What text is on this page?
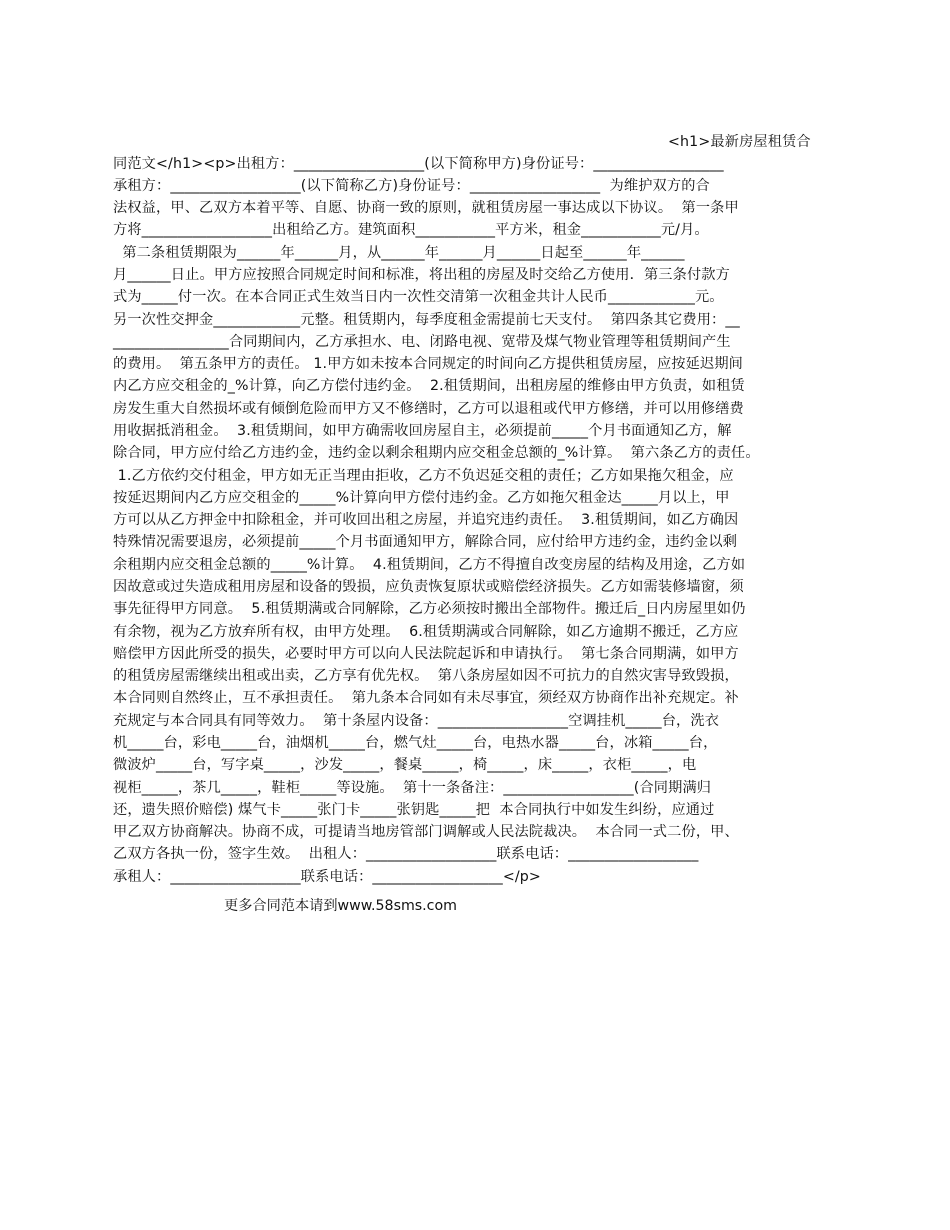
<h1>最新房屋租赁合
同范文</h1><p>出租方：__________________(以下简称甲方)身份证号：__________________
承租方：__________________(以下简称乙方)身份证号：__________________  为维护双方的合
法权益，甲、乙双方本着平等、自愿、协商一致的原则，就租赁房屋一事达成以下协议。  第一条甲
方将__________________出租给乙方。建筑面积___________平方米，租金___________元/月。
第二条租赁期限为______年______月，从______年______月______日起至______年______
月______日止。甲方应按照合同规定时间和标准，将出租的房屋及时交给乙方使用．第三条付款方
式为_____付一次。在本合同正式生效当日内一次性交清第一次租金共计人民币____________元。
另一次性交押金____________元整。租赁期内，每季度租金需提前七天支付。  第四条其它费用：__
________________合同期间内，乙方承担水、电、闭路电视、宽带及煤气物业管理等租赁期间产生
的费用。  第五条甲方的责任。 1.甲方如未按本合同规定的时间向乙方提供租赁房屋，应按延迟期间
内乙方应交租金的_%计算，向乙方偿付违约金。  2.租赁期间，出租房屋的维修由甲方负责，如租赁
房发生重大自然损坏或有倾倒危险而甲方又不修缮时，乙方可以退租或代甲方修缮，并可以用修缮费
用收据抵消租金。  3.租赁期间，如甲方确需收回房屋自主，必须提前_____个月书面通知乙方，解
除合同，甲方应付给乙方违约金，违约金以剩余租期内应交租金总额的_%计算。  第六条乙方的责任。
1.乙方依约交付租金，甲方如无正当理由拒收，乙方不负迟延交租的责任；乙方如果拖欠租金，应
按延迟期间内乙方应交租金的_____%计算向甲方偿付违约金。乙方如拖欠租金达_____月以上，甲
方可以从乙方押金中扣除租金，并可收回出租之房屋，并追究违约责任。  3.租赁期间，如乙方确因
特殊情况需要退房，必须提前_____个月书面通知甲方，解除合同，应付给甲方违约金，违约金以剩
余租期内应交租金总额的_____%计算。  4.租赁期间，乙方不得擅自改变房屋的结构及用途，乙方如
因故意或过失造成租用房屋和设备的毁损，应负责恢复原状或赔偿经济损失。乙方如需装修墙窗，须
事先征得甲方同意。  5.租赁期满或合同解除，乙方必须按时搬出全部物件。搬迁后_日内房屋里如仍
有余物，视为乙方放弃所有权，由甲方处理。  6.租赁期满或合同解除，如乙方逾期不搬迁，乙方应
赔偿甲方因此所受的损失，必要时甲方可以向人民法院起诉和申请执行。  第七条合同期满，如甲方
的租赁房屋需继续出租或出卖，乙方享有优先权。  第八条房屋如因不可抗力的自然灾害导致毁损，
本合同则自然终止，互不承担责任。  第九条本合同如有未尽事宜，须经双方协商作出补充规定。补
充规定与本合同具有同等效力。  第十条屋内设备：__________________空调挂机_____台，洗衣
机_____台，彩电_____台，油烟机_____台，燃气灶_____台，电热水器_____台，冰箱_____台，
微波炉_____台，写字桌_____，沙发_____，餐桌_____，椅_____，床_____，衣柜_____，电
视柜_____，茶几_____，鞋柜_____等设施。  第十一条备注：__________________(合同期满归
还，遗失照价赔偿) 煤气卡_____张门卡_____张钥匙_____把  本合同执行中如发生纠纷，应通过
甲乙双方协商解决。协商不成，可提请当地房管部门调解或人民法院裁决。  本合同一式二份，甲、
乙双方各执一份，签字生效。  出租人：__________________联系电话：__________________
承租人：__________________联系电话：__________________</p>
更多合同范本请到www.58sms.com
